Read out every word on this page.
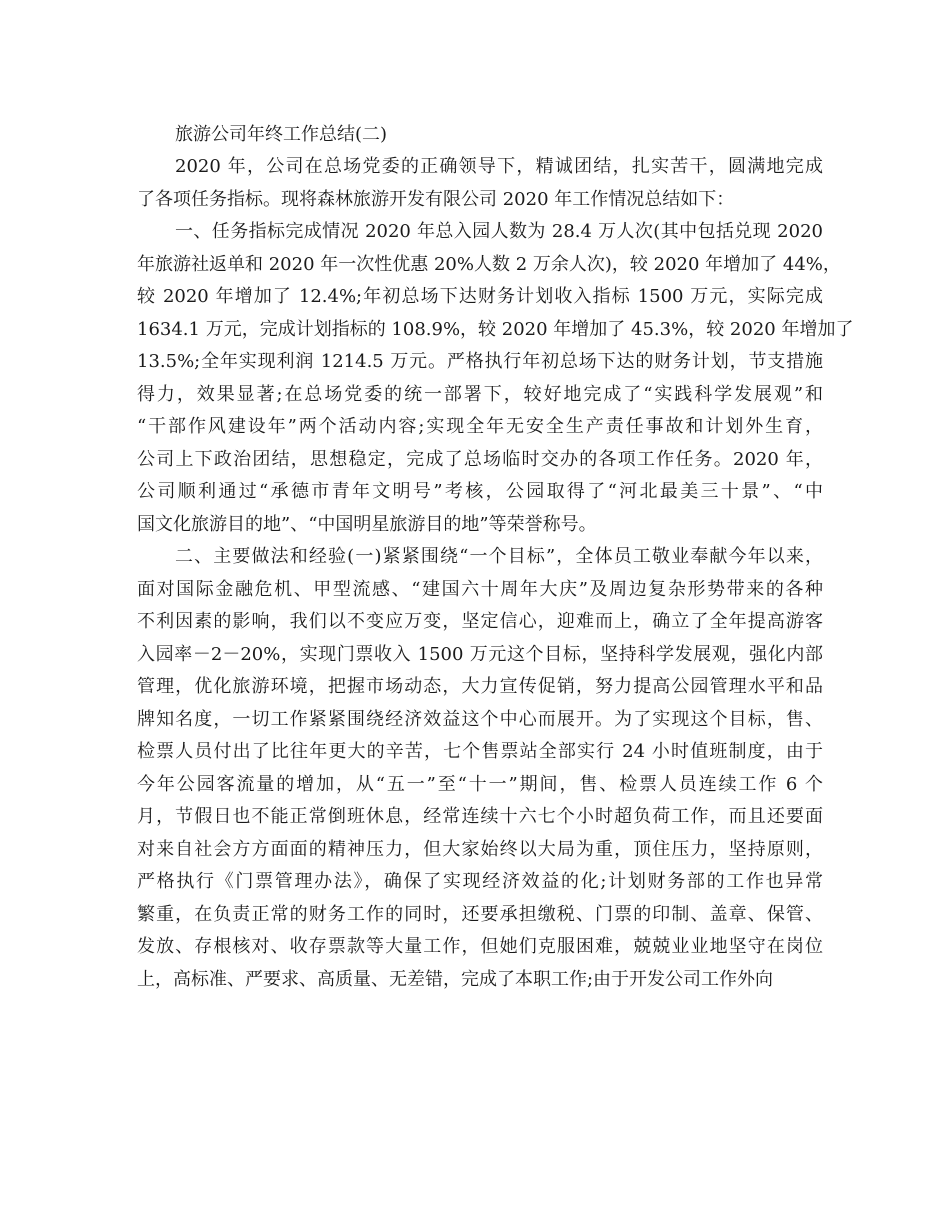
旅游公司年终工作总结(二)

2020 年，公司在总场党委的正确领导下，精诚团结，扎实苦干，圆满地完成
了各项任务指标。现将森林旅游开发有限公司 2020 年工作情况总结如下：

一、任务指标完成情况 2020 年总入园人数为 28.4 万人次(其中包括兑现 2020
年旅游社返单和 2020 年一次性优惠 20%人数 2 万余人次)，较 2020 年增加了 44%，
较 2020 年增加了 12.4%;年初总场下达财务计划收入指标 1500 万元，实际完成
1634.1 万元，完成计划指标的 108.9%，较 2020 年增加了 45.3%，较 2020 年增加了
13.5%;全年实现利润 1214.5 万元。严格执行年初总场下达的财务计划，节支措施
得力，效果显著;在总场党委的统一部署下，较好地完成了“实践科学发展观”和
“干部作风建设年”两个活动内容;实现全年无安全生产责任事故和计划外生育，
公司上下政治团结，思想稳定，完成了总场临时交办的各项工作任务。2020 年，
公司顺利通过“承德市青年文明号”考核，公园取得了“河北最美三十景”、“中
国文化旅游目的地”、“中国明星旅游目的地”等荣誉称号。

二、主要做法和经验(一)紧紧围绕“一个目标”，全体员工敬业奉献今年以来，
面对国际金融危机、甲型流感、“建国六十周年大庆”及周边复杂形势带来的各种
不利因素的影响，我们以不变应万变，坚定信心，迎难而上，确立了全年提高游客
入园率－2－20%，实现门票收入 1500 万元这个目标，坚持科学发展观，强化内部
管理，优化旅游环境，把握市场动态，大力宣传促销，努力提高公园管理水平和品
牌知名度，一切工作紧紧围绕经济效益这个中心而展开。为了实现这个目标，售、
检票人员付出了比往年更大的辛苦，七个售票站全部实行 24 小时值班制度，由于
今年公园客流量的增加，从“五一”至“十一”期间，售、检票人员连续工作 6 个
月，节假日也不能正常倒班休息，经常连续十六七个小时超负荷工作，而且还要面
对来自社会方方面面的精神压力，但大家始终以大局为重，顶住压力，坚持原则，
严格执行《门票管理办法》，确保了实现经济效益的化;计划财务部的工作也异常
繁重，在负责正常的财务工作的同时，还要承担缴税、门票的印制、盖章、保管、
发放、存根核对、收存票款等大量工作，但她们克服困难，兢兢业业地坚守在岗位
上，高标准、严要求、高质量、无差错，完成了本职工作;由于开发公司工作外向
